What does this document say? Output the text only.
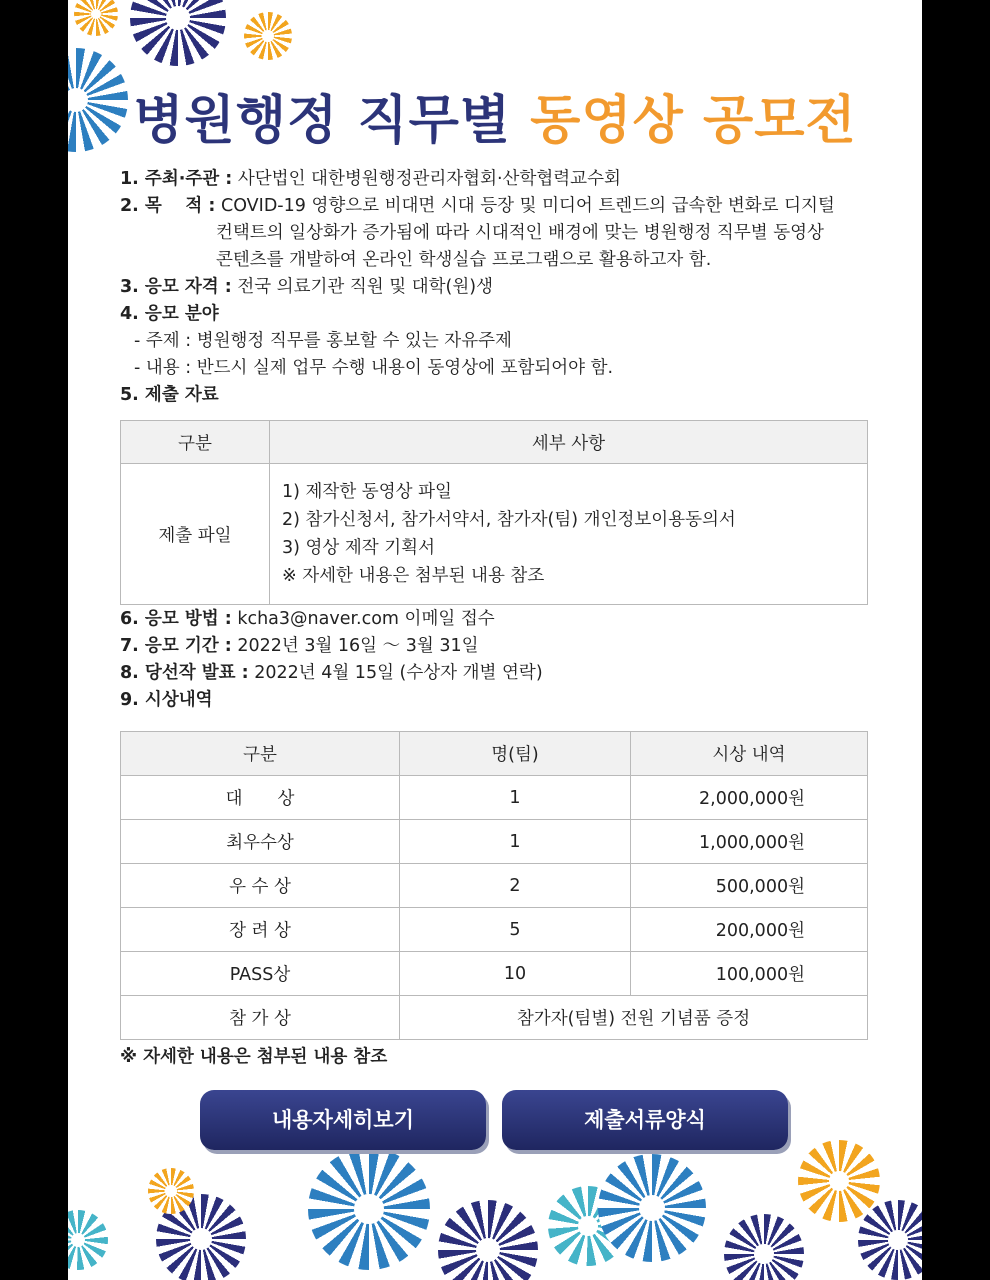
병원행정 직무별 동영상 공모전
1. 주최·주관 : 사단법인 대한병원행정관리자협회·산학협력교수회
2. 목　 적 : COVID-19 영향으로 비대면 시대 등장 및 미디어 트렌드의 급속한 변화로 디지털
컨택트의 일상화가 증가됨에 따라 시대적인 배경에 맞는 병원행정 직무별 동영상
콘텐츠를 개발하여 온라인 학생실습 프로그램으로 활용하고자 함.
3. 응모 자격 : 전국 의료기관 직원 및 대학(원)생
4. 응모 분야
- 주제 : 병원행정 직무를 홍보할 수 있는 자유주제
- 내용 : 반드시 실제 업무 수행 내용이 동영상에 포함되어야 함.
5. 제출 자료
구분	세부 사항
제출 파일	1) 제작한 동영상 파일
2) 참가신청서, 참가서약서, 참가자(팀) 개인정보이용동의서
3) 영상 제작 기획서
※ 자세한 내용은 첨부된 내용 참조
6. 응모 방법 : kcha3@naver.com 이메일 접수
7. 응모 기간 : 2022년 3월 16일 ～ 3월 31일
8. 당선작 발표 : 2022년 4월 15일 (수상자 개별 연락)
9. 시상내역
구분	명(팀)	시상 내역
대　　상	1	2,000,000원
최우수상	1	1,000,000원
우 수 상	2	500,000원
장 려 상	5	200,000원
PASS상	10	100,000원
참 가 상	참가자(팀별) 전원 기념품 증정	
※ 자세한 내용은 첨부된 내용 참조
내용자세히보기	제출서류양식
